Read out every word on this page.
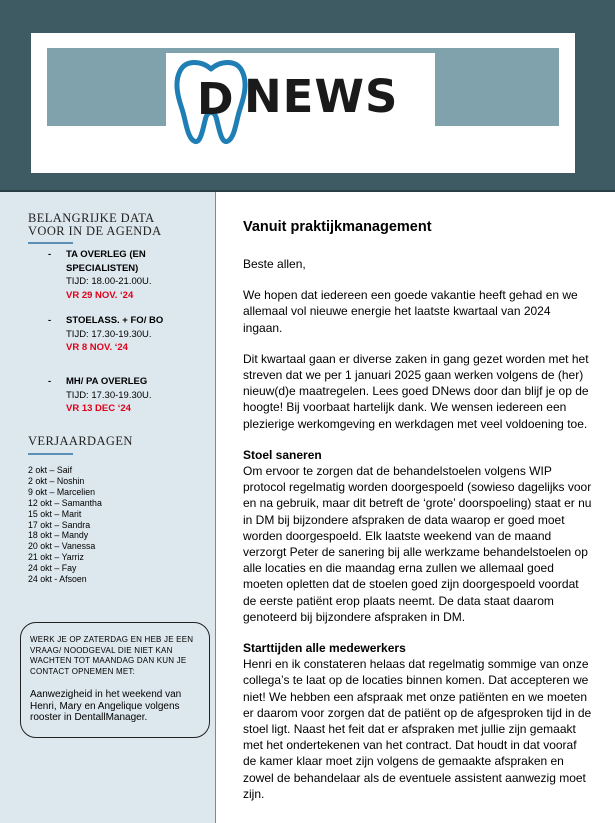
D NEWS
BELANGRIJKE DATA
VOOR IN DE AGENDA
- TA OVERLEG (EN
SPECIALISTEN)
TIJD: 18.00-21.00U.
VR 29 NOV. ‘24
- STOELASS. + FO/ BO
TIJD: 17.30-19.30U.
VR 8 NOV. ‘24
- MH/ PA OVERLEG
TIJD: 17.30-19.30U.
VR 13 DEC ‘24
VERJAARDAGEN
2 okt – Saif
2 okt – Noshin
9 okt – Marcelien
12 okt – Samantha
15 okt – Marit
17 okt – Sandra
18 okt – Mandy
20 okt – Vanessa
21 okt – Yarriz
24 okt – Fay
24 okt - Afsoen
WERK JE OP ZATERDAG EN HEB JE EEN VRAAG/ NOODGEVAL DIE NIET KAN WACHTEN TOT MAANDAG DAN KUN JE CONTACT OPNEMEN MET:
Aanwezigheid in het weekend van Henri, Mary en Angelique volgens rooster in DentallManager.
Vanuit praktijkmanagement

Beste allen,

We hopen dat iedereen een goede vakantie heeft gehad en we allemaal vol nieuwe energie het laatste kwartaal van 2024 ingaan.

Dit kwartaal gaan er diverse zaken in gang gezet worden met het streven dat we per 1 januari 2025 gaan werken volgens de (her) nieuw(d)e maatregelen. Lees goed DNews door dan blijf je op de hoogte! Bij voorbaat hartelijk dank. We wensen iedereen een plezierige werkomgeving en werkdagen met veel voldoening toe.

Stoel saneren
Om ervoor te zorgen dat de behandelstoelen volgens WIP protocol regelmatig worden doorgespoeld (sowieso dagelijks voor en na gebruik, maar dit betreft de ‘grote’ doorspoeling) staat er nu in DM bij bijzondere afspraken de data waarop er goed moet worden doorgespoeld. Elk laatste weekend van de maand verzorgt Peter de sanering bij alle werkzame behandelstoelen op alle locaties en die maandag erna zullen we allemaal goed moeten opletten dat de stoelen goed zijn doorgespoeld voordat de eerste patiënt erop plaats neemt. De data staat daarom genoteerd bij bijzondere afspraken in DM.

Starttijden alle medewerkers
Henri en ik constateren helaas dat regelmatig sommige van onze collega’s te laat op de locaties binnen komen. Dat accepteren we niet! We hebben een afspraak met onze patiënten en we moeten er daarom voor zorgen dat de patiënt op de afgesproken tijd in de stoel ligt. Naast het feit dat er afspraken met jullie zijn gemaakt met het ondertekenen van het contract. Dat houdt in dat vooraf de kamer klaar moet zijn volgens de gemaakte afspraken en zowel de behandelaar als de eventuele assistent aanwezig moet zijn.
